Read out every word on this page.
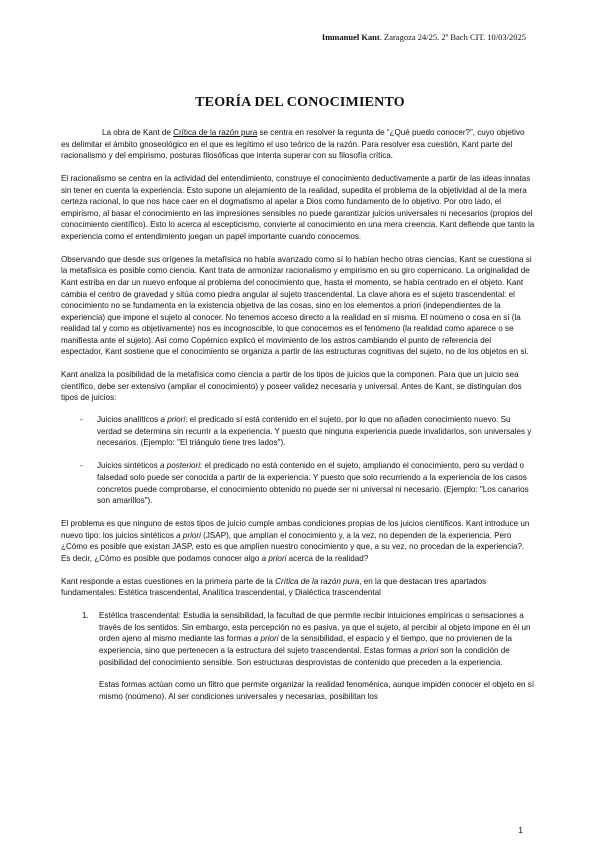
Immanuel Kant. Zaragoza 24/25. 2º Bach CIT. 10/03/2025
TEORÍA DEL CONOCIMIENTO

La obra de Kant de Crítica de la razón pura se centra en resolver la regunta de “¿Qué puedo conocer?”, cuyo objetivo es delimitar el ámbito gnoseológico en el que es legítimo el uso teórico de la razón. Para resolver esa cuestión, Kant parte del racionalismo y del empirismo, posturas filosóficas que intenta superar con su filosofía crítica.

El racionalismo se centra en la actividad del entendimiento, construye el conocimiento deductivamente a partir de las ideas innatas sin tener en cuenta la experiencia. Esto supone un alejamiento de la realidad, supedita el problema de la objetividad al de la mera certeza racional, lo que nos hace caer en el dogmatismo al apelar a Dios como fundamento de lo objetivo. Por otro lado, el empirismo, al basar el conocimiento en las impresiones sensibles no puede garantizar juicios universales ni necesarios (propios del conocimiento científico). Esto lo acerca al escepticismo, convierte al conocimiento en una mera creencia. Kant defiende que tanto la experiencia como el entendimiento juegan un papel importante cuando conocemos.

Observando que desde sus orígenes la metafísica no había avanzado como sí lo habían hecho otras ciencias, Kant se cuestiona si la metafísica es posible como ciencia. Kant trata de armonizar racionalismo y empirismo en su giro copernicano. La originalidad de Kant estriba en dar un nuevo enfoque al problema del conocimiento que, hasta el momento, se había centrado en el objeto. Kant cambia el centro de gravedad y sitúa como piedra angular al sujeto trascendental. La clave ahora es el sujeto trascendental: el conocimiento no se fundamenta en la existencia objetiva de las cosas, sino en los elementos a priori (independientes de la experiencia) que impone el sujeto al conocer. No tenemos acceso directo a la realidad en sí misma. El noúmeno o cosa en sí (la realidad tal y como es objetivamente) nos es incognoscible, lo que conocemos es el fenómeno (la realidad como aparece o se manifiesta ante el sujeto). Así como Copérnico explicó el movimiento de los astros cambiando el punto de referencia del espectador, Kant sostiene que el conocimiento se organiza a partir de las estructuras cognitivas del sujeto, no de los objetos en sí.

Kant analiza la posibilidad de la metafísica como ciencia a partir de los tipos de juicios que la componen. Para que un juicio sea científico, debe ser extensivo (ampliar el conocimiento) y poseer validez necesaria y universal. Antes de Kant, se distinguían dos tipos de juicios:

- Juicios analíticos a priori: el predicado sí está contenido en el sujeto, por lo que no añaden conocimiento nuevo. Su verdad se determina sin recurrir a la experiencia. Y puesto que ninguna experiencia puede invalidarlos, son universales y necesarios. (Ejemplo: "El triángulo tiene tres lados").
- Juicios sintéticos a posteriori: el predicado no está contenido en el sujeto, ampliando el conocimiento, pero su verdad o falsedad solo puede ser conocida a partir de la experiencia. Y puesto que solo recurriendo a la experiencia de los casos concretos puede comprobarse, el conocimiento obtenido no puede ser ni universal ni necesario. (Ejemplo: "Los canarios son amarillos").

El problema es que ninguno de estos tipos de juicio cumple ambas condiciones propias de los juicios científicos. Kant introduce un nuevo tipo: los juicios sintéticos a priori (JSAP), que amplían el conocimiento y, a la vez, no dependen de la experiencia. Pero ¿Cómo es posible que existan JASP, esto es que amplíen nuestro conocimiento y que, a su vez, no procedan de la experiencia?. Es decir, ¿Cómo es posible que podamos conocer algo a priori acerca de la realidad?

Kant responde a estas cuestiones en la primera parte de la Crítica de la razón pura, en la que destacan tres apartados fundamentales: Estética trascendental, Analítica trascendental, y Dialéctica trascendental

1. Estética trascendental: Estudia la sensibilidad, la facultad de que permite recibir intuiciones empíricas o sensaciones a través de los sentidos. Sin embargo, esta percepción no es pasiva, ya que el sujeto, al percibir al objeto impone en él un orden ajeno al mismo mediante las formas a priori de la sensibilidad, el espacio y el tiempo, que no provienen de la experiencia, sino que pertenecen a la estructura del sujeto trascendental. Estas formas a priori son la condición de posibilidad del conocimiento sensible. Son estructuras desprovistas de contenido que preceden a la experiencia.

Estas formas actúan como un filtro que permite organizar la realidad fenoménica, aunque impiden conocer el objeto en sí mismo (noúmeno). Al ser condiciones universales y necesarias, posibilitan los

1
